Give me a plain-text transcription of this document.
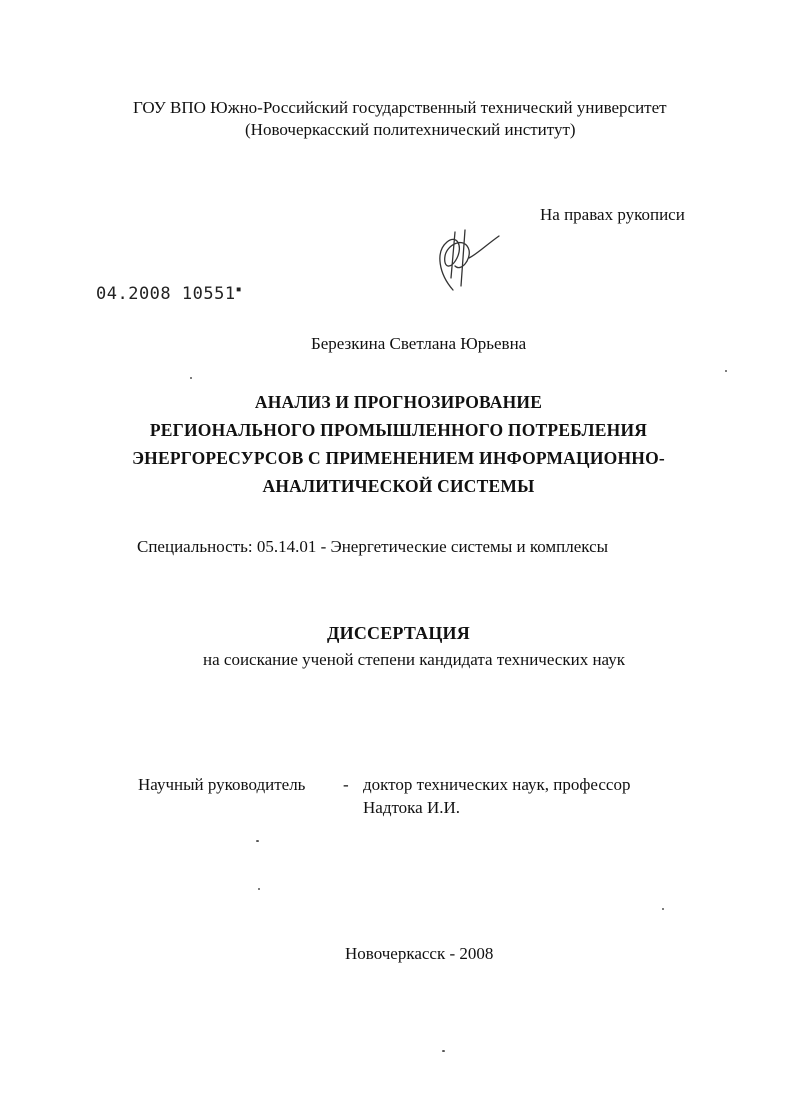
ГОУ ВПО Южно-Российский государственный технический университет
(Новочеркасский политехнический институт)
На правах рукописи
04.2008 10551▪
Березкина Светлана Юрьевна
АНАЛИЗ И ПРОГНОЗИРОВАНИЕ
РЕГИОНАЛЬНОГО ПРОМЫШЛЕННОГО ПОТРЕБЛЕНИЯ
ЭНЕРГОРЕСУРСОВ С ПРИМЕНЕНИЕМ ИНФОРМАЦИОННО-
АНАЛИТИЧЕСКОЙ СИСТЕМЫ
Специальность: 05.14.01 - Энергетические системы и комплексы
ДИССЕРТАЦИЯ
на соискание ученой степени кандидата технических наук
Научный руководитель - доктор технических наук, профессор
Надтока И.И.
Новочеркасск - 2008
